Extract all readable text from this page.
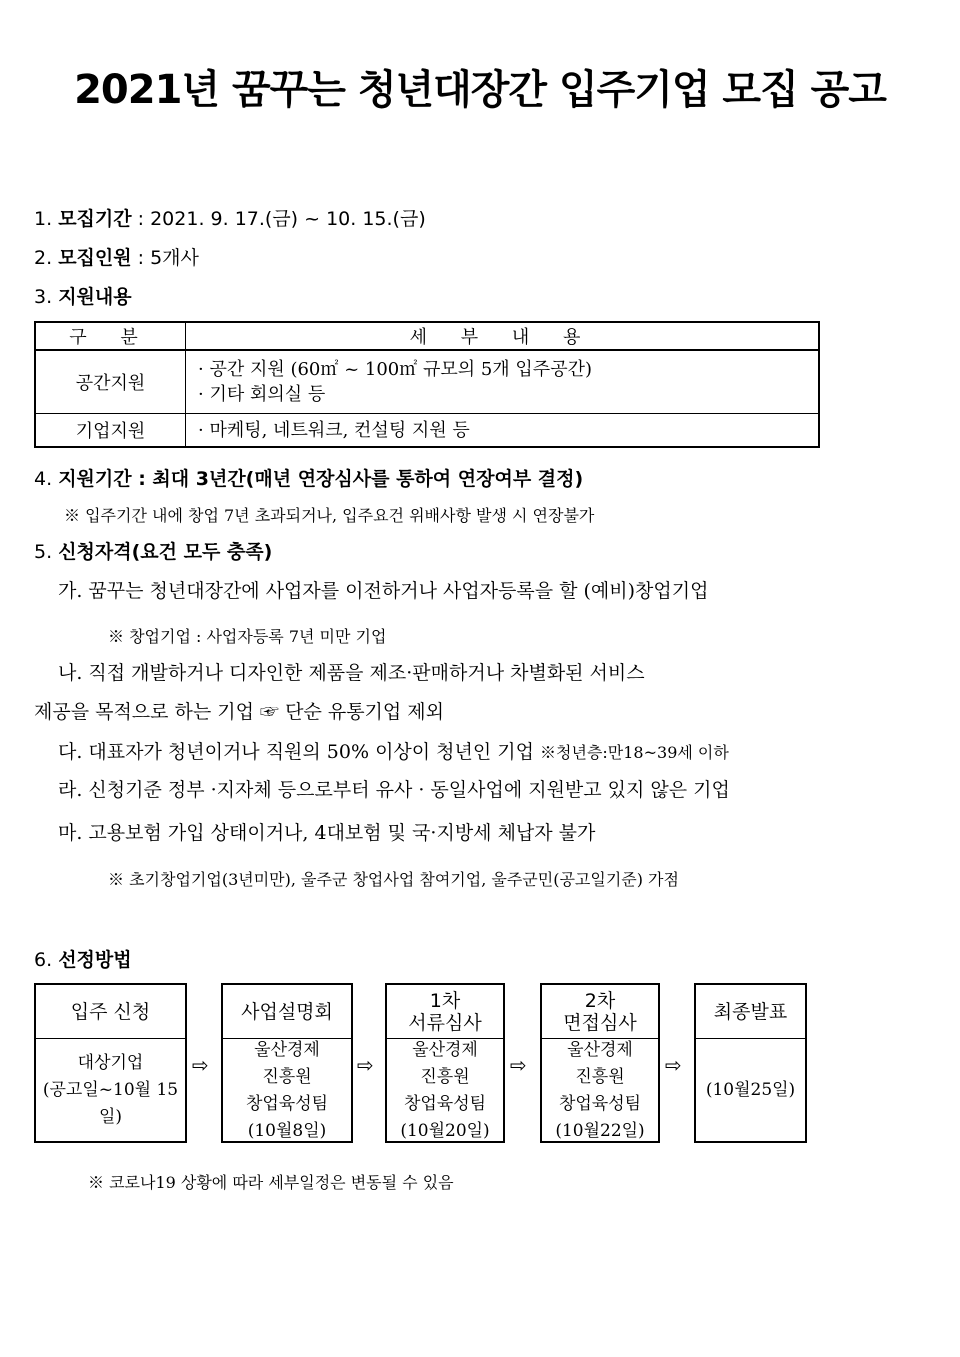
2021년 꿈꾸는 청년대장간 입주기업 모집 공고
1. 모집기간 : 2021. 9. 17.(금) ~ 10. 15.(금)
2. 모집인원 : 5개사
3. 지원내용
구 분	세 부 내 용
공간지원	· 공간 지원 (60㎡ ~ 100㎡ 규모의 5개 입주공간)
· 기타 회의실 등

기업지원	· 마케팅, 네트워크, 컨설팅 지원 등
4. 지원기간 : 최대 3년간(매년 연장심사를 통하여 연장여부 결정)
※ 입주기간 내에 창업 7년 초과되거나, 입주요건 위배사항 발생 시 연장불가
5. 신청자격(요건 모두 충족)
가. 꿈꾸는 청년대장간에 사업자를 이전하거나 사업자등록을 할 (예비)창업기업
※ 창업기업 : 사업자등록 7년 미만 기업
나. 직접 개발하거나 디자인한 제품을 제조·판매하거나 차별화된 서비스
제공을 목적으로 하는 기업 ☞ 단순 유통기업 제외
다. 대표자가 청년이거나 직원의 50% 이상이 청년인 기업 ※청년층:만18~39세 이하
라. 신청기준 정부 ·지자체 등으로부터 유사 · 동일사업에 지원받고 있지 않은 기업
마. 고용보험 가입 상태이거나, 4대보험 및 국·지방세 체납자 불가
※ 초기창업기업(3년미만), 울주군 창업사업 참여기업, 울주군민(공고일기준) 가점
6. 선정방법
입주 신청
대상기업
(공고일~10월 15일)
⇨
사업설명회
울산경제
진흥원
창업육성팀
(10월8일)
⇨
1차
서류심사
울산경제
진흥원
창업육성팀
(10월20일)
⇨
2차
면접심사
울산경제
진흥원
창업육성팀
(10월22일)
⇨
최종발표
(10월25일)
※ 코로나19 상황에 따라 세부일정은 변동될 수 있음
